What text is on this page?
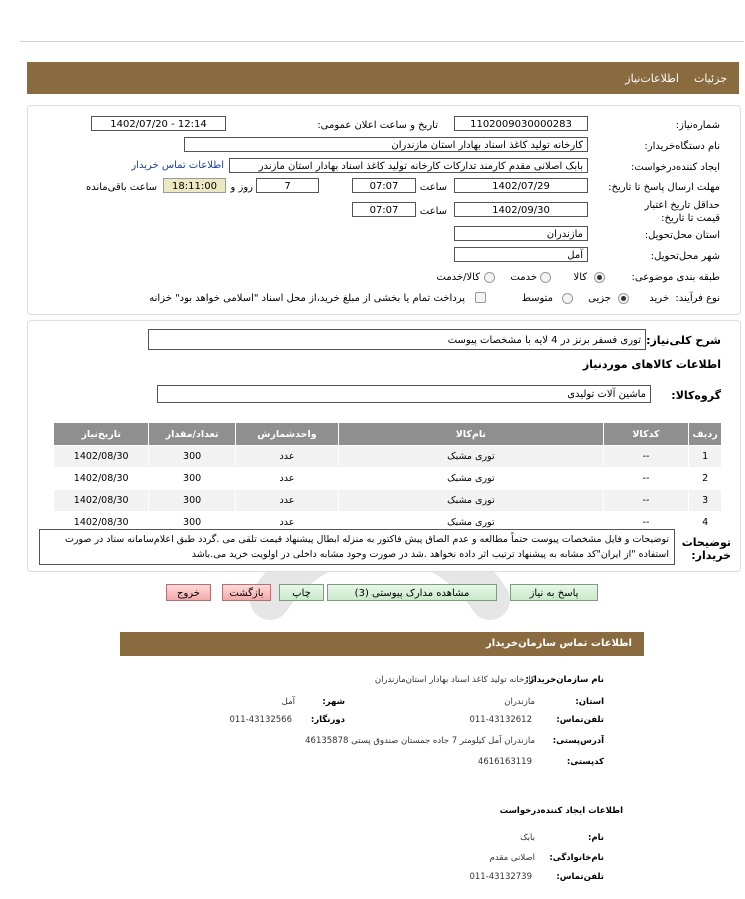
جزئیات
اطلاعات‌نیاز
شماره‌نیاز:
1102009030000283
تاریخ و ساعت اعلان عمومی:
1402/07/20 - 12:14
نام دستگاه‌خریدار:
کارخانه تولید کاغذ اسناد بهادار استان مازندران
ایجاد کننده‌درخواست:
بابک اصلانی مقدم کارمند تدارکات کارخانه تولید کاغذ اسناد بهادار استان مازندر
اطلاعات تماس خریدار
مهلت ارسال پاسخ تا تاریخ:
1402/07/29
ساعت
07:07
7
روز و
18:11:00
ساعت باقی‌مانده
حداقل تاریخ اعتبار قیمت تا تاریخ:
1402/09/30
ساعت
07:07
استان محل‌تحویل:
مازندران
شهر محل‌تحویل:
آمل
طبقه بندی موضوعی:
کالا
خدمت
کالا/خدمت
نوع فرآیند:
خرید
جزیی
متوسط
پرداخت تمام یا بخشی از مبلغ خرید،از محل اسناد "اسلامی خواهد بود" خزانه
شرح کلی‌نیاز:
توری فسفر برنز در 4 لایه با مشخصات پیوست
اطلاعات کالاهای موردنیاز
گروه‌کالا:
ماشین آلات تولیدی
ردیف	کدکالا	نام‌کالا	واحدشمارش	تعداد/مقدار	تاریخ‌نیاز
1	--	توری مشبک	عدد	300	1402/08/30
2	--	توری مشبک	عدد	300	1402/08/30
3	--	توری مشبک	عدد	300	1402/08/30
4	--	توری مشبک	عدد	300	1402/08/30
توضیحات خریدار:
توضیحات و فایل مشخصات پیوست حتماً مطالعه و عدم الصاق پیش فاکتور به منزله ابطال پیشنهاد قیمت تلقی می .گردد طبق اعلام‌سامانه ستاد در صورت استفاده "از ایران"کد مشابه به پیشنهاد ترتیب اثر داده نخواهد .شد در صورت وجود مشابه داخلی در اولویت خرید می.باشد
پاسخ به نیاز
مشاهده مدارک پیوستی (3)
چاپ
بازگشت
خروج
اطلاعات تماس سازمان‌خریدار
نام سازمان‌خریدار:
کارخانه تولید کاغذ اسناد بهادار استان‌مازندران
استان:
مازندران
شهر:
آمل
تلفن‌تماس:
011-43132612
دورنگار:
011-43132566
آدرس‌پستی:
مازندران آمل کیلومتر 7 جاده جمستان صندوق پستی 46135878
کد‌پستی:
4616163119
اطلاعات ایجاد کننده‌درخواست
نام:
بابک
نام‌خانوادگی:
اصلانی مقدم
تلفن‌تماس:
011-43132739
